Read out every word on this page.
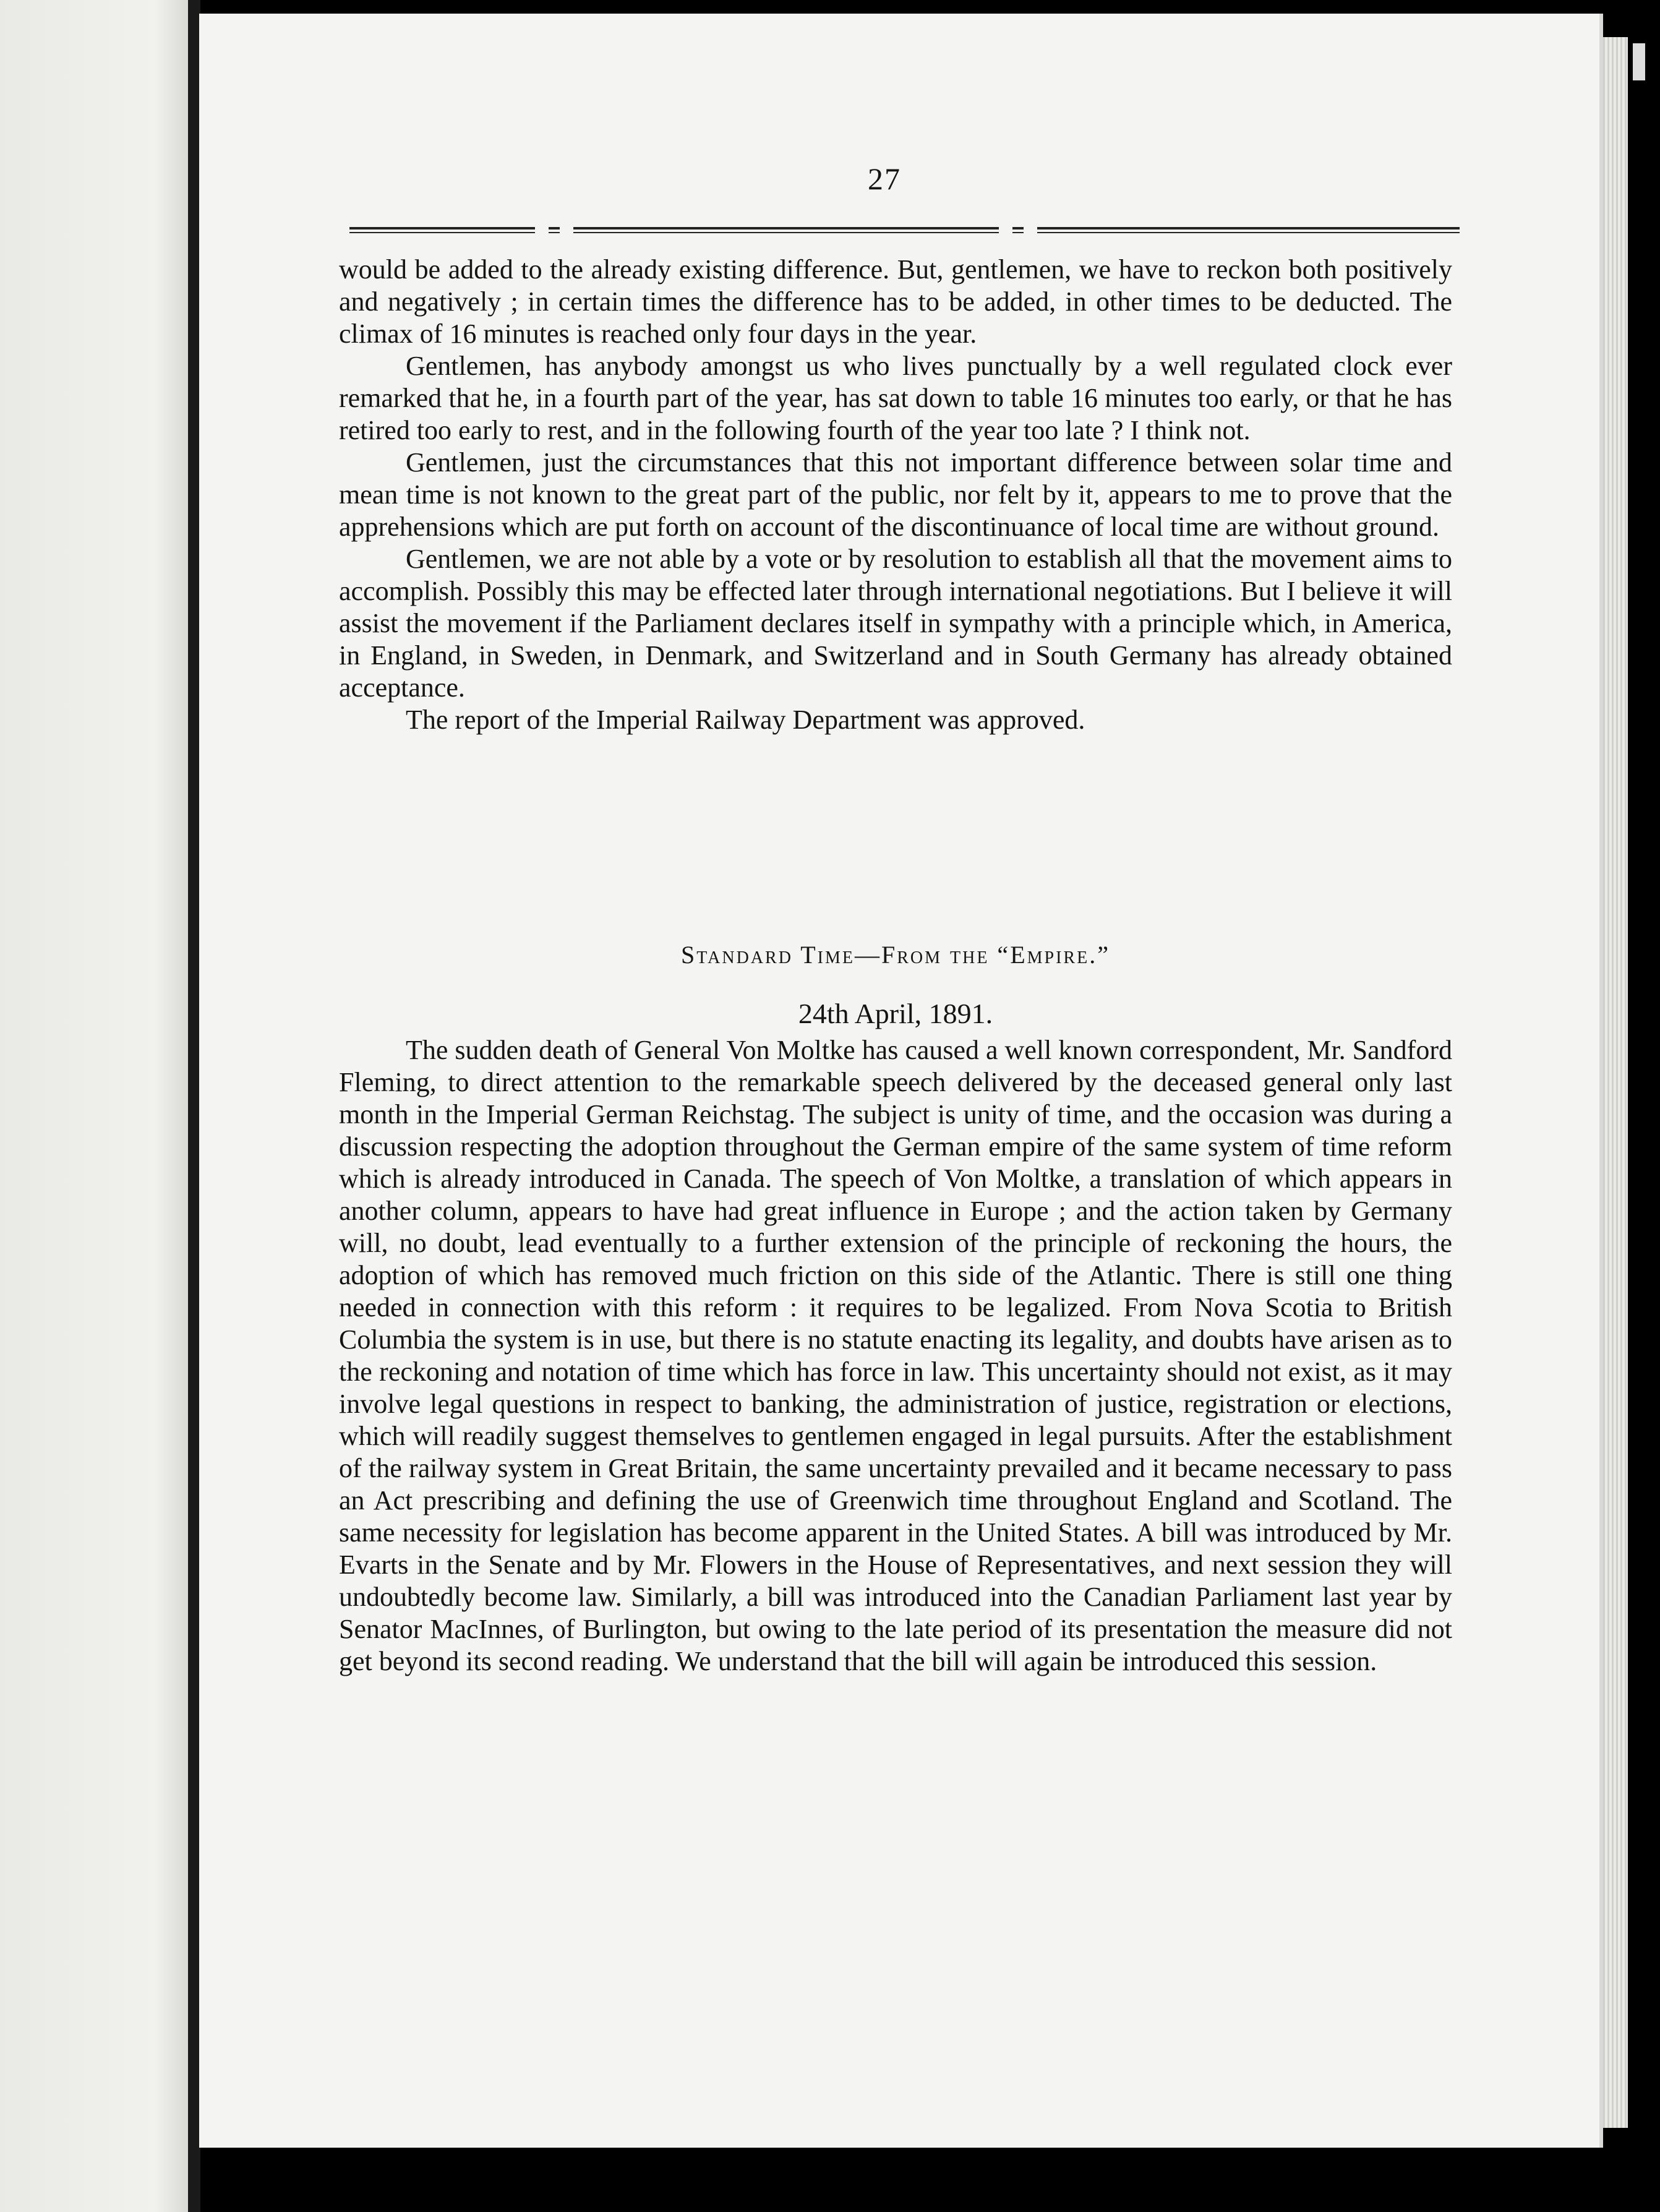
27

would be added to the already existing difference. But, gentlemen, we have to reckon both positively and negatively ; in certain times the difference has to be added, in other times to be deducted. The climax of 16 minutes is reached only four days in the year.

Gentlemen, has anybody amongst us who lives punctually by a well regulated clock ever remarked that he, in a fourth part of the year, has sat down to table 16 minutes too early, or that he has retired too early to rest, and in the following fourth of the year too late ? I think not.

Gentlemen, just the circumstances that this not important difference between solar time and mean time is not known to the great part of the public, nor felt by it, appears to me to prove that the apprehensions which are put forth on account of the discontinuance of local time are without ground.

Gentlemen, we are not able by a vote or by resolution to establish all that the movement aims to accomplish. Possibly this may be effected later through international negotiations. But I believe it will assist the movement if the Parliament declares itself in sympathy with a principle which, in America, in England, in Sweden, in Denmark, and Switzerland and in South Germany has already obtained acceptance.

The report of the Imperial Railway Department was approved.

Standard Time—From the “Empire.”
24th April, 1891.

The sudden death of General Von Moltke has caused a well known correspondent, Mr. Sandford Fleming, to direct attention to the remarkable speech delivered by the deceased general only last month in the Imperial German Reichstag. The subject is unity of time, and the occasion was during a discussion respecting the adoption throughout the German empire of the same system of time reform which is already introduced in Canada. The speech of Von Moltke, a translation of which appears in another column, appears to have had great influence in Europe ; and the action taken by Germany will, no doubt, lead eventually to a further extension of the principle of reckoning the hours, the adoption of which has removed much friction on this side of the Atlantic. There is still one thing needed in connection with this reform : it requires to be legalized. From Nova Scotia to British Columbia the system is in use, but there is no statute enacting its legality, and doubts have arisen as to the reckoning and notation of time which has force in law. This uncertainty should not exist, as it may involve legal questions in respect to banking, the administration of justice, registration or elections, which will readily suggest themselves to gentlemen engaged in legal pursuits. After the establishment of the railway system in Great Britain, the same uncertainty prevailed and it became necessary to pass an Act prescribing and defining the use of Greenwich time throughout England and Scotland. The same necessity for legislation has become apparent in the United States. A bill was introduced by Mr. Evarts in the Senate and by Mr. Flowers in the House of Representatives, and next session they will undoubtedly become law. Similarly, a bill was introduced into the Canadian Parliament last year by Senator MacInnes, of Burlington, but owing to the late period of its presentation the measure did not get beyond its second reading. We understand that the bill will again be introduced this session.
